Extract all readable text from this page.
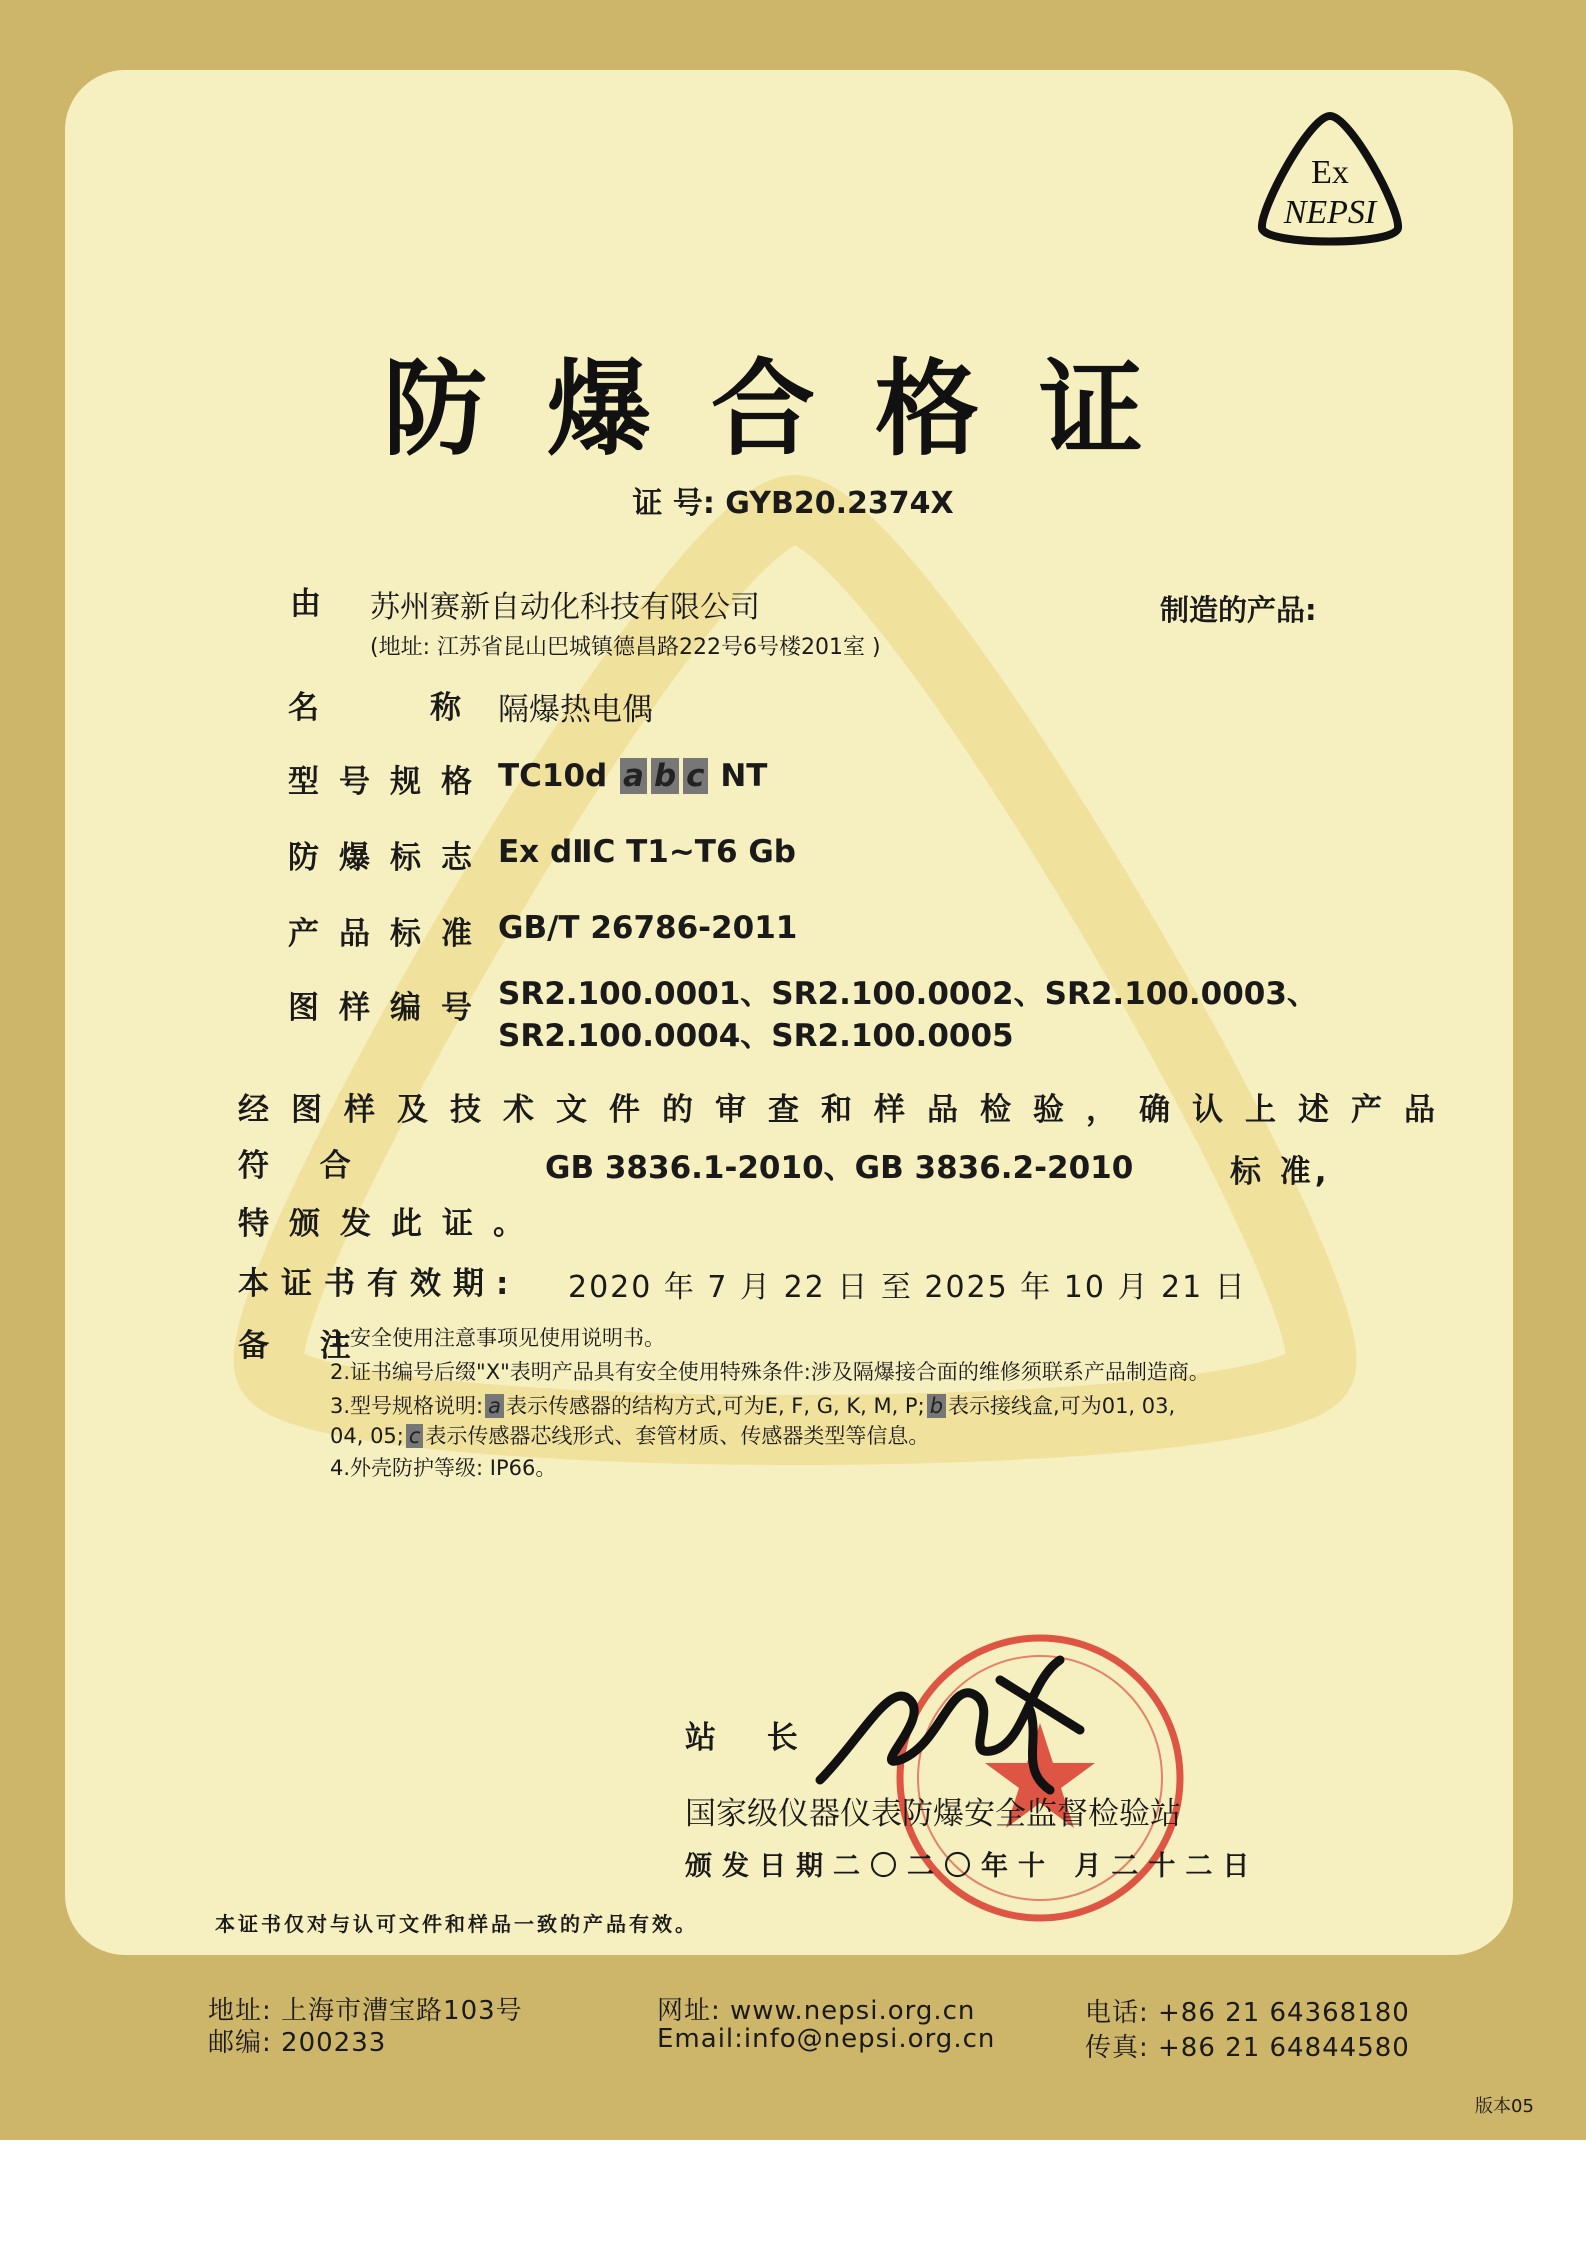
Ex
NEPSI
防爆合格证
证 号: GYB20.2374X
由 苏州赛新自动化科技有限公司
(地址: 江苏省昆山巴城镇德昌路222号6号楼201室 )
制造的产品:
名	称 隔爆热电偶
型号规格 TC10d a b c NT
防爆标志 Ex dⅡC T1~T6 Gb
产品标准 GB/T 26786-2011
图样编号 SR2.100.0001、SR2.100.0002、SR2.100.0003、
SR2.100.0004、SR2.100.0005
经图样及技术文件的审查和样品检验，确认上述产品
符 合	GB 3836.1-2010、GB 3836.2-2010	标 准,
特颁发此证。
本证书有效期: 2020 年 7 月 22 日 至 2025 年 10 月 21 日
备 注
1.安全使用注意事项见使用说明书。
2.证书编号后缀"X"表明产品具有安全使用特殊条件:涉及隔爆接合面的维修须联系产品制造商。
3.型号规格说明: a 表示传感器的结构方式,可为E, F, G, K, M, P; b 表示接线盒,可为01, 03,
04, 05; c 表示传感器芯线形式、套管材质、传感器类型等信息。
4.外壳防护等级: IP66。
站 长
国家级仪器仪表防爆安全监督检验站
颁发日期二〇二〇年十 月二十二日
本证书仅对与认可文件和样品一致的产品有效。
地址: 上海市漕宝路103号
邮编: 200233
网址: www.nepsi.org.cn
Email:info@nepsi.org.cn
电话: +86 21 64368180
传真: +86 21 64844580
版本05
